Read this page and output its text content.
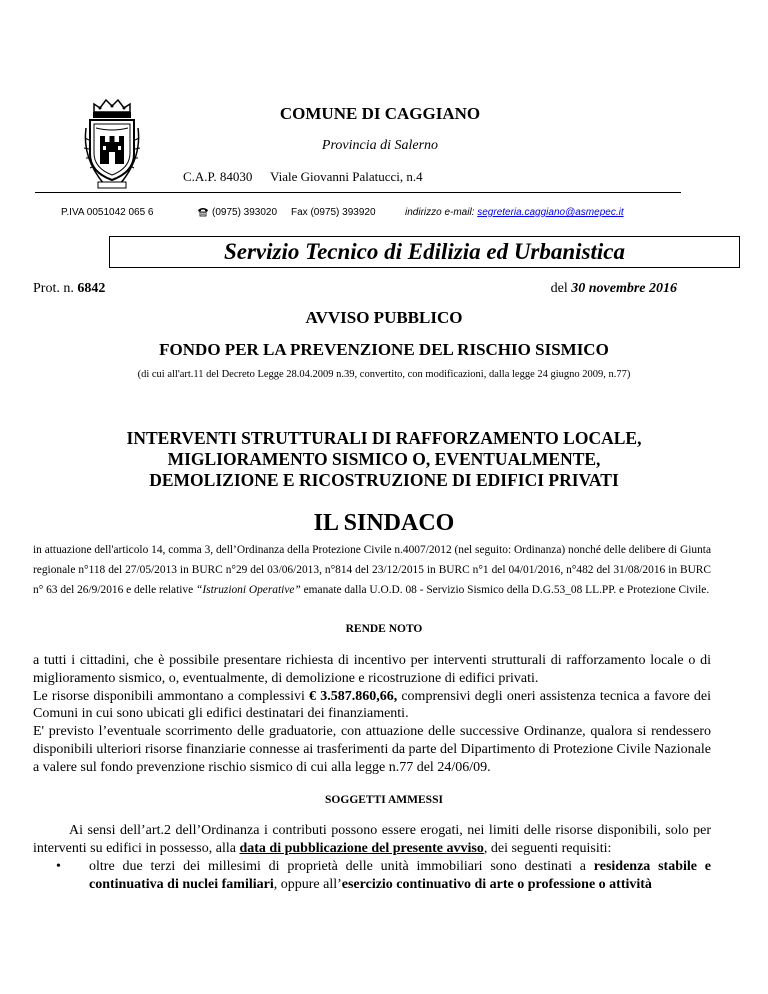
COMUNE DI CAGGIANO
Provincia di Salerno
C.A.P. 84030 Viale Giovanni Palatucci, n.4
P.IVA 0051042 065 6	(0975) 393020 Fax (0975) 393920	indirizzo e-mail: segreteria.caggiano@asmepec.it
Servizio Tecnico di Edilizia ed Urbanistica
Prot. n. 6842	del 30 novembre 2016
AVVISO PUBBLICO
FONDO PER LA PREVENZIONE DEL RISCHIO SISMICO
(di cui all'art.11 del Decreto Legge 28.04.2009 n.39, convertito, con modificazioni, dalla legge 24 giugno 2009, n.77)
INTERVENTI STRUTTURALI DI RAFFORZAMENTO LOCALE,
MIGLIORAMENTO SISMICO O, EVENTUALMENTE,
DEMOLIZIONE E RICOSTRUZIONE DI EDIFICI PRIVATI
IL SINDACO
in attuazione dell'articolo 14, comma 3, dell’Ordinanza della Protezione Civile n.4007/2012 (nel seguito: Ordinanza) nonché delle delibere di Giunta regionale n°118 del 27/05/2013 in BURC n°29 del 03/06/2013, n°814 del 23/12/2015 in BURC n°1 del 04/01/2016, n°482 del 31/08/2016 in BURC n° 63 del 26/9/2016 e delle relative “Istruzioni Operative” emanate dalla U.O.D. 08 - Servizio Sismico della D.G.53_08 LL.PP. e Protezione Civile.
RENDE NOTO

a tutti i cittadini, che è possibile presentare richiesta di incentivo per interventi strutturali di rafforzamento locale o di miglioramento sismico, o, eventualmente, di demolizione e ricostruzione di edifici privati.

Le risorse disponibili ammontano a complessivi € 3.587.860,66, comprensivi degli oneri assistenza tecnica a favore dei Comuni in cui sono ubicati gli edifici destinatari dei finanziamenti.

E' previsto l’eventuale scorrimento delle graduatorie, con attuazione delle successive Ordinanze, qualora si rendessero disponibili ulteriori risorse finanziarie connesse ai trasferimenti da parte del Dipartimento di Protezione Civile Nazionale a valere sul fondo prevenzione rischio sismico di cui alla legge n.77 del 24/06/09.

SOGGETTI AMMESSI

Ai sensi dell’art.2 dell’Ordinanza i contributi possono essere erogati, nei limiti delle risorse disponibili, solo per interventi su edifici in possesso, alla data di pubblicazione del presente avviso, dei seguenti requisiti:

• oltre due terzi dei millesimi di proprietà delle unità immobiliari sono destinati a residenza stabile e continuativa di nuclei familiari, oppure all’esercizio continuativo di arte o professione o attività
